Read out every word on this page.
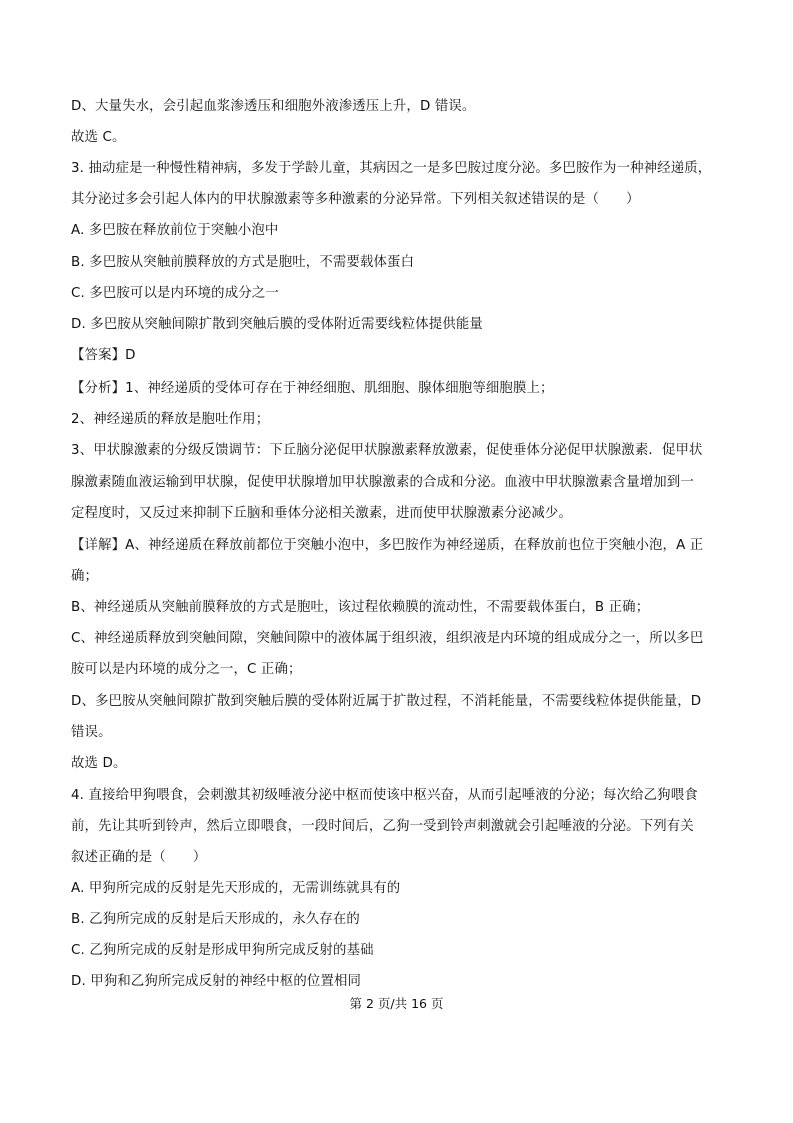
D、大量失水，会引起血浆渗透压和细胞外液渗透压上升，D 错误。
故选 C。
3. 抽动症是一种慢性精神病，多发于学龄儿童，其病因之一是多巴胺过度分泌。多巴胺作为一种神经递质，
其分泌过多会引起人体内的甲状腺激素等多种激素的分泌异常。下列相关叙述错误的是（　　）
A. 多巴胺在释放前位于突触小泡中
B. 多巴胺从突触前膜释放的方式是胞吐，不需要载体蛋白
C. 多巴胺可以是内环境的成分之一
D. 多巴胺从突触间隙扩散到突触后膜的受体附近需要线粒体提供能量
【答案】D
【分析】1、神经递质的受体可存在于神经细胞、肌细胞、腺体细胞等细胞膜上；
2、神经递质的释放是胞吐作用；
3、甲状腺激素的分级反馈调节：下丘脑分泌促甲状腺激素释放激素，促使垂体分泌促甲状腺激素．促甲状
腺激素随血液运输到甲状腺，促使甲状腺增加甲状腺激素的合成和分泌。血液中甲状腺激素含量增加到一
定程度时，又反过来抑制下丘脑和垂体分泌相关激素，进而使甲状腺激素分泌减少。
【详解】A、神经递质在释放前都位于突触小泡中，多巴胺作为神经递质，在释放前也位于突触小泡，A 正
确；
B、神经递质从突触前膜释放的方式是胞吐，该过程依赖膜的流动性，不需要载体蛋白，B 正确；
C、神经递质释放到突触间隙，突触间隙中的液体属于组织液，组织液是内环境的组成成分之一，所以多巴
胺可以是内环境的成分之一，C 正确；
D、多巴胺从突触间隙扩散到突触后膜的受体附近属于扩散过程，不消耗能量，不需要线粒体提供能量，D
错误。
故选 D。
4. 直接给甲狗喂食，会刺激其初级唾液分泌中枢而使该中枢兴奋，从而引起唾液的分泌；每次给乙狗喂食
前，先让其听到铃声，然后立即喂食，一段时间后，乙狗一受到铃声刺激就会引起唾液的分泌。下列有关
叙述正确的是（　　）
A. 甲狗所完成的反射是先天形成的，无需训练就具有的
B. 乙狗所完成的反射是后天形成的，永久存在的
C. 乙狗所完成的反射是形成甲狗所完成反射的基础
D. 甲狗和乙狗所完成反射的神经中枢的位置相同
第 2 页/共 16 页
